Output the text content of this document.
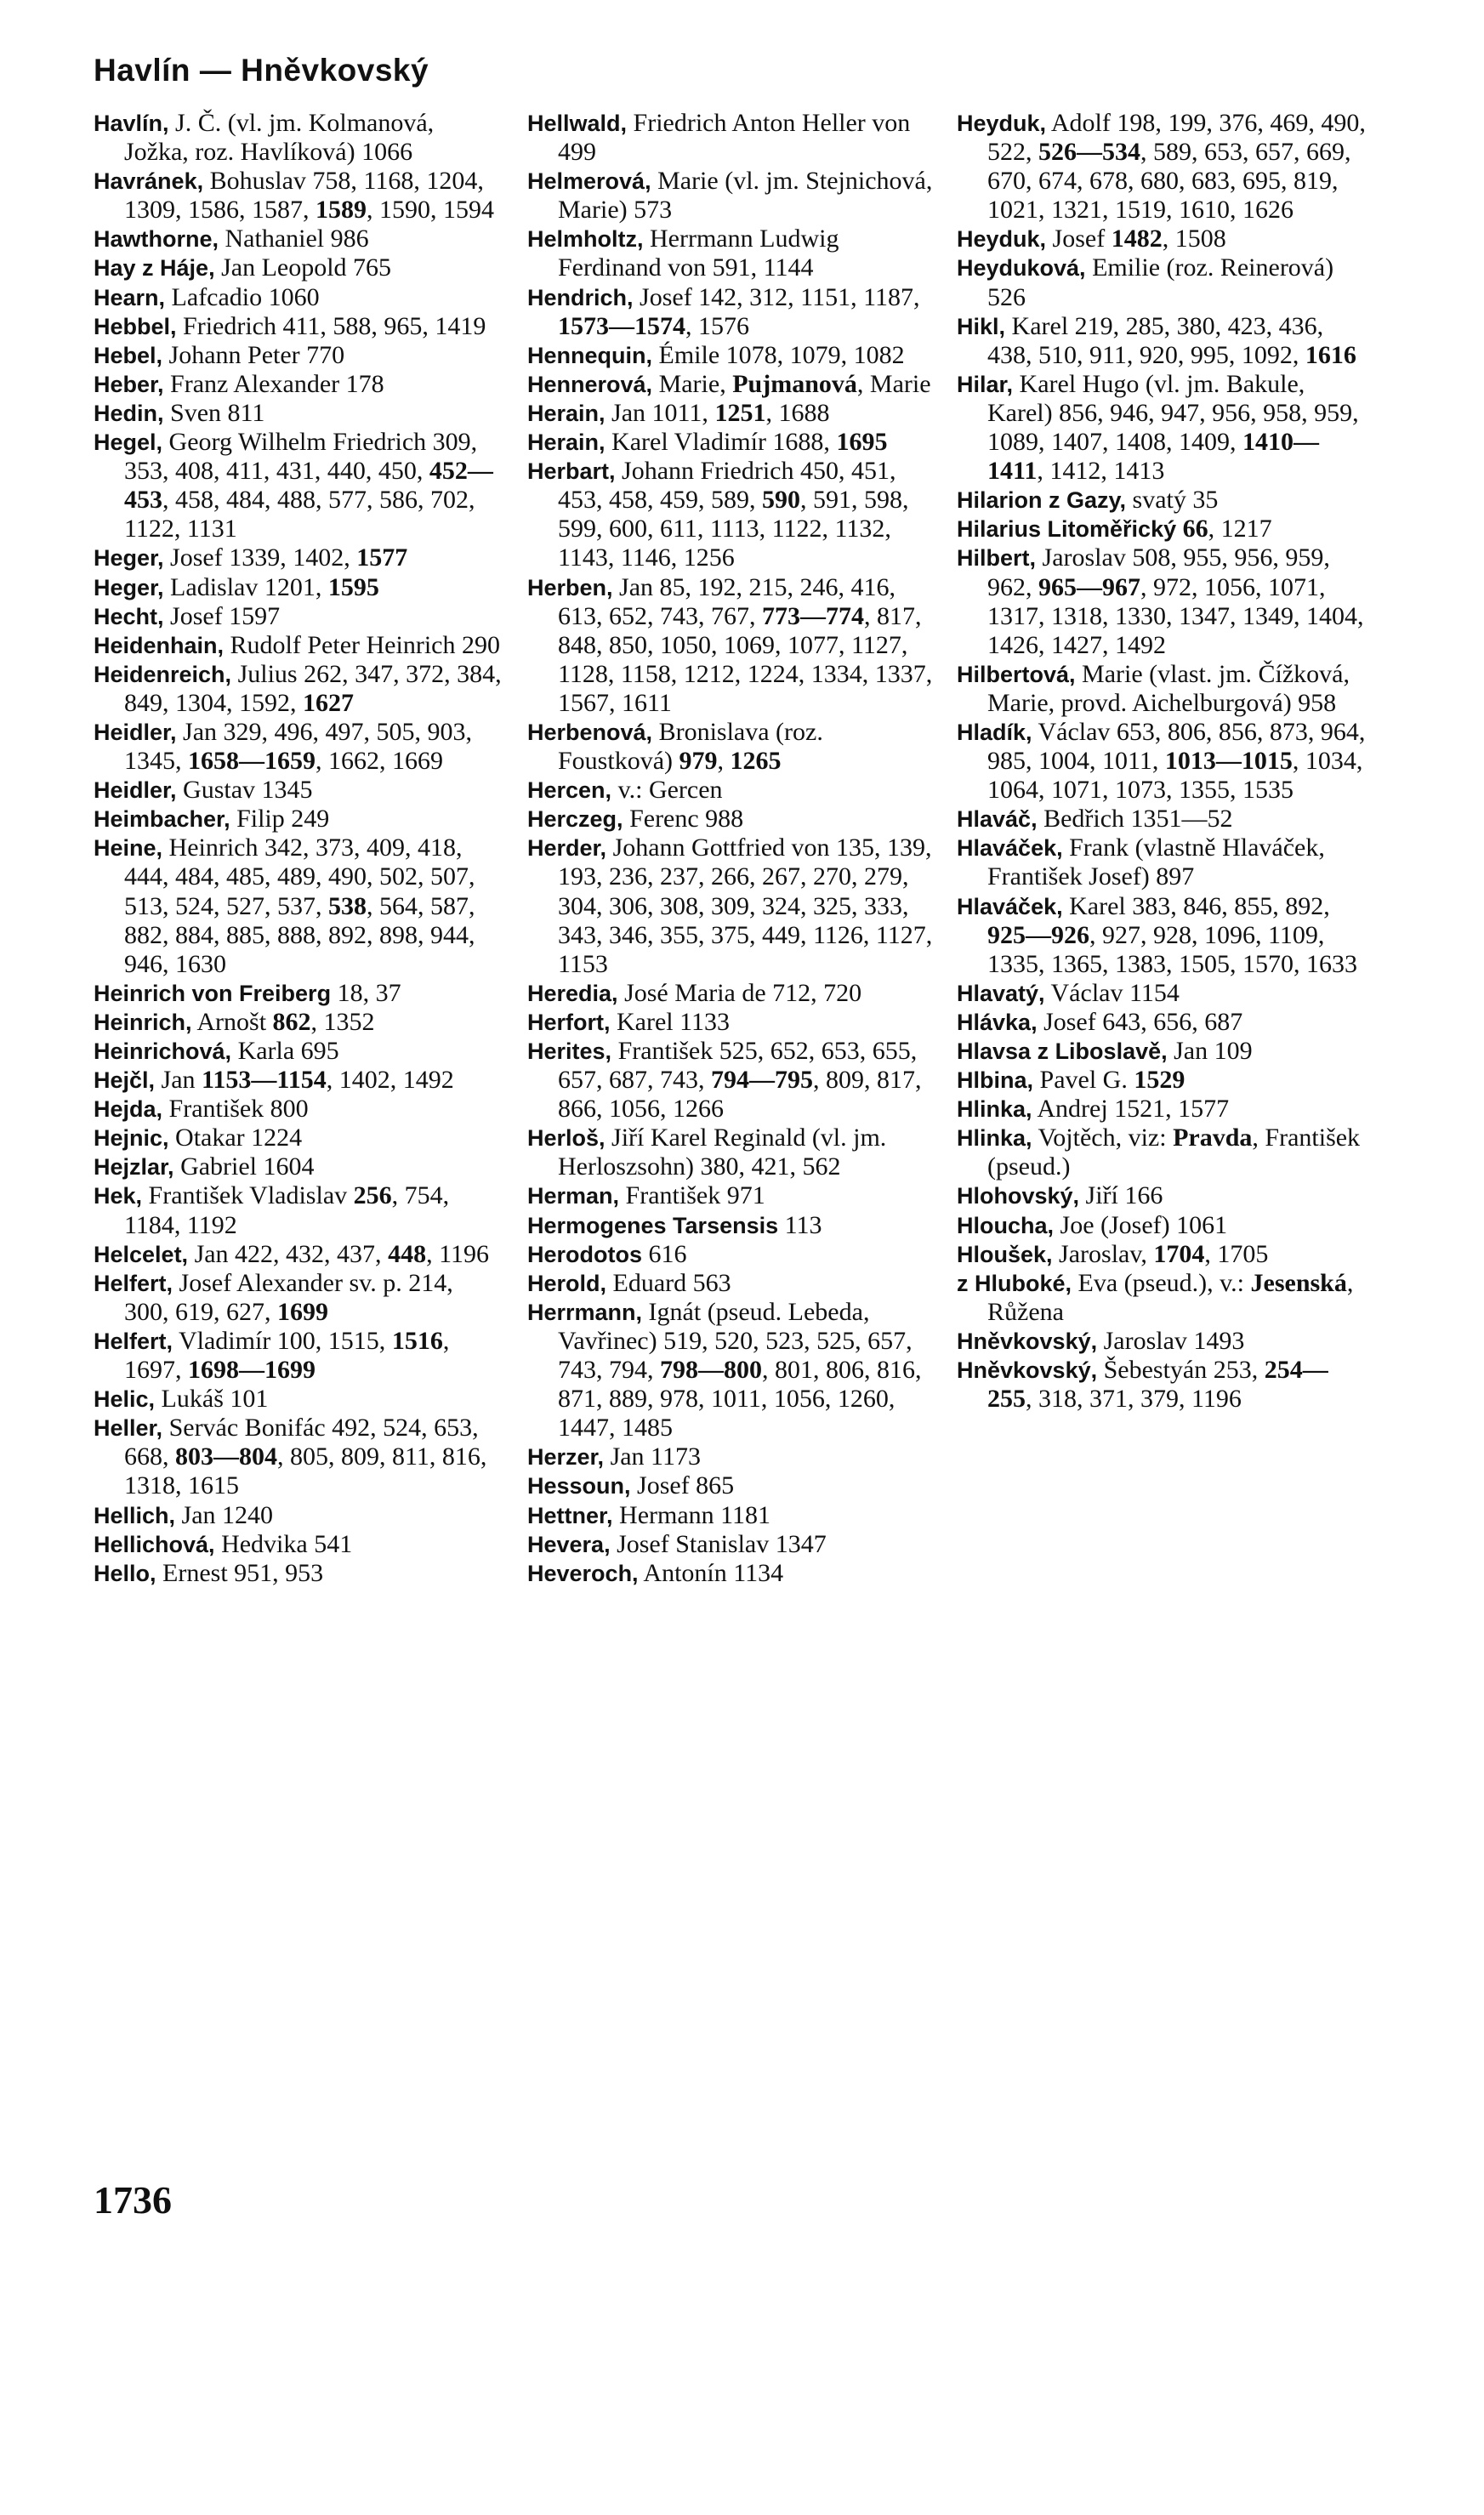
Havlín — Hněvkovský

Havlín, J. Č. (vl. jm. Kolmanová, Jožka, roz. Havlíková) 1066

Havránek, Bohuslav 758, 1168, 1204, 1309, 1586, 1587, 1589, 1590, 1594

Hawthorne, Nathaniel 986

Hay z Háje, Jan Leopold 765

Hearn, Lafcadio 1060

Hebbel, Friedrich 411, 588, 965, 1419

Hebel, Johann Peter 770

Heber, Franz Alexander 178

Hedin, Sven 811

Hegel, Georg Wilhelm Friedrich 309, 353, 408, 411, 431, 440, 450, 452—453, 458, 484, 488, 577, 586, 702, 1122, 1131

Heger, Josef 1339, 1402, 1577

Heger, Ladislav 1201, 1595

Hecht, Josef 1597

Heidenhain, Rudolf Peter Heinrich 290

Heidenreich, Julius 262, 347, 372, 384, 849, 1304, 1592, 1627

Heidler, Jan 329, 496, 497, 505, 903, 1345, 1658—1659, 1662, 1669

Heidler, Gustav 1345

Heimbacher, Filip 249

Heine, Heinrich 342, 373, 409, 418, 444, 484, 485, 489, 490, 502, 507, 513, 524, 527, 537, 538, 564, 587, 882, 884, 885, 888, 892, 898, 944, 946, 1630

Heinrich von Freiberg 18, 37

Heinrich, Arnošt 862, 1352

Heinrichová, Karla 695

Hejčl, Jan 1153—1154, 1402, 1492

Hejda, František 800

Hejnic, Otakar 1224

Hejzlar, Gabriel 1604

Hek, František Vladislav 256, 754, 1184, 1192

Helcelet, Jan 422, 432, 437, 448, 1196

Helfert, Josef Alexander sv. p. 214, 300, 619, 627, 1699

Helfert, Vladimír 100, 1515, 1516, 1697, 1698—1699

Helic, Lukáš 101

Heller, Servác Bonifác 492, 524, 653, 668, 803—804, 805, 809, 811, 816, 1318, 1615

Hellich, Jan 1240

Hellichová, Hedvika 541

Hello, Ernest 951, 953

Hellwald, Friedrich Anton Heller von 499

Helmerová, Marie (vl. jm. Stejnichová, Marie) 573

Helmholtz, Herrmann Ludwig Ferdinand von 591, 1144

Hendrich, Josef 142, 312, 1151, 1187, 1573—1574, 1576

Hennequin, Émile 1078, 1079, 1082

Hennerová, Marie, Pujmanová, Marie

Herain, Jan 1011, 1251, 1688

Herain, Karel Vladimír 1688, 1695

Herbart, Johann Friedrich 450, 451, 453, 458, 459, 589, 590, 591, 598, 599, 600, 611, 1113, 1122, 1132, 1143, 1146, 1256

Herben, Jan 85, 192, 215, 246, 416, 613, 652, 743, 767, 773—774, 817, 848, 850, 1050, 1069, 1077, 1127, 1128, 1158, 1212, 1224, 1334, 1337, 1567, 1611

Herbenová, Bronislava (roz. Foustková) 979, 1265

Hercen, v.: Gercen

Herczeg, Ferenc 988

Herder, Johann Gottfried von 135, 139, 193, 236, 237, 266, 267, 270, 279, 304, 306, 308, 309, 324, 325, 333, 343, 346, 355, 375, 449, 1126, 1127, 1153

Heredia, José Maria de 712, 720

Herfort, Karel 1133

Herites, František 525, 652, 653, 655, 657, 687, 743, 794—795, 809, 817, 866, 1056, 1266

Herloš, Jiří Karel Reginald (vl. jm. Herloszsohn) 380, 421, 562

Herman, František 971

Hermogenes Tarsensis 113

Herodotos 616

Herold, Eduard 563

Herrmann, Ignát (pseud. Lebeda, Vavřinec) 519, 520, 523, 525, 657, 743, 794, 798—800, 801, 806, 816, 871, 889, 978, 1011, 1056, 1260, 1447, 1485

Herzer, Jan 1173

Hessoun, Josef 865

Hettner, Hermann 1181

Hevera, Josef Stanislav 1347

Heveroch, Antonín 1134

Heyduk, Adolf 198, 199, 376, 469, 490, 522, 526—534, 589, 653, 657, 669, 670, 674, 678, 680, 683, 695, 819, 1021, 1321, 1519, 1610, 1626

Heyduk, Josef 1482, 1508

Heyduková, Emilie (roz. Reinerová) 526

Hikl, Karel 219, 285, 380, 423, 436, 438, 510, 911, 920, 995, 1092, 1616

Hilar, Karel Hugo (vl. jm. Bakule, Karel) 856, 946, 947, 956, 958, 959, 1089, 1407, 1408, 1409, 1410—1411, 1412, 1413

Hilarion z Gazy, svatý 35

Hilarius Litoměřický 66, 1217

Hilbert, Jaroslav 508, 955, 956, 959, 962, 965—967, 972, 1056, 1071, 1317, 1318, 1330, 1347, 1349, 1404, 1426, 1427, 1492

Hilbertová, Marie (vlast. jm. Čížková, Marie, provd. Aichelburgová) 958

Hladík, Václav 653, 806, 856, 873, 964, 985, 1004, 1011, 1013—1015, 1034, 1064, 1071, 1073, 1355, 1535

Hlaváč, Bedřich 1351—52

Hlaváček, Frank (vlastně Hlaváček, František Josef) 897

Hlaváček, Karel 383, 846, 855, 892, 925—926, 927, 928, 1096, 1109, 1335, 1365, 1383, 1505, 1570, 1633

Hlavatý, Václav 1154

Hlávka, Josef 643, 656, 687

Hlavsa z Liboslavě, Jan 109

Hlbina, Pavel G. 1529

Hlinka, Andrej 1521, 1577

Hlinka, Vojtěch, viz: Pravda, František (pseud.)

Hlohovský, Jiří 166

Hloucha, Joe (Josef) 1061

Hloušek, Jaroslav, 1704, 1705

z Hluboké, Eva (pseud.), v.: Jesenská, Růžena

Hněvkovský, Jaroslav 1493

Hněvkovský, Šebestyán 253, 254—255, 318, 371, 379, 1196

1736
